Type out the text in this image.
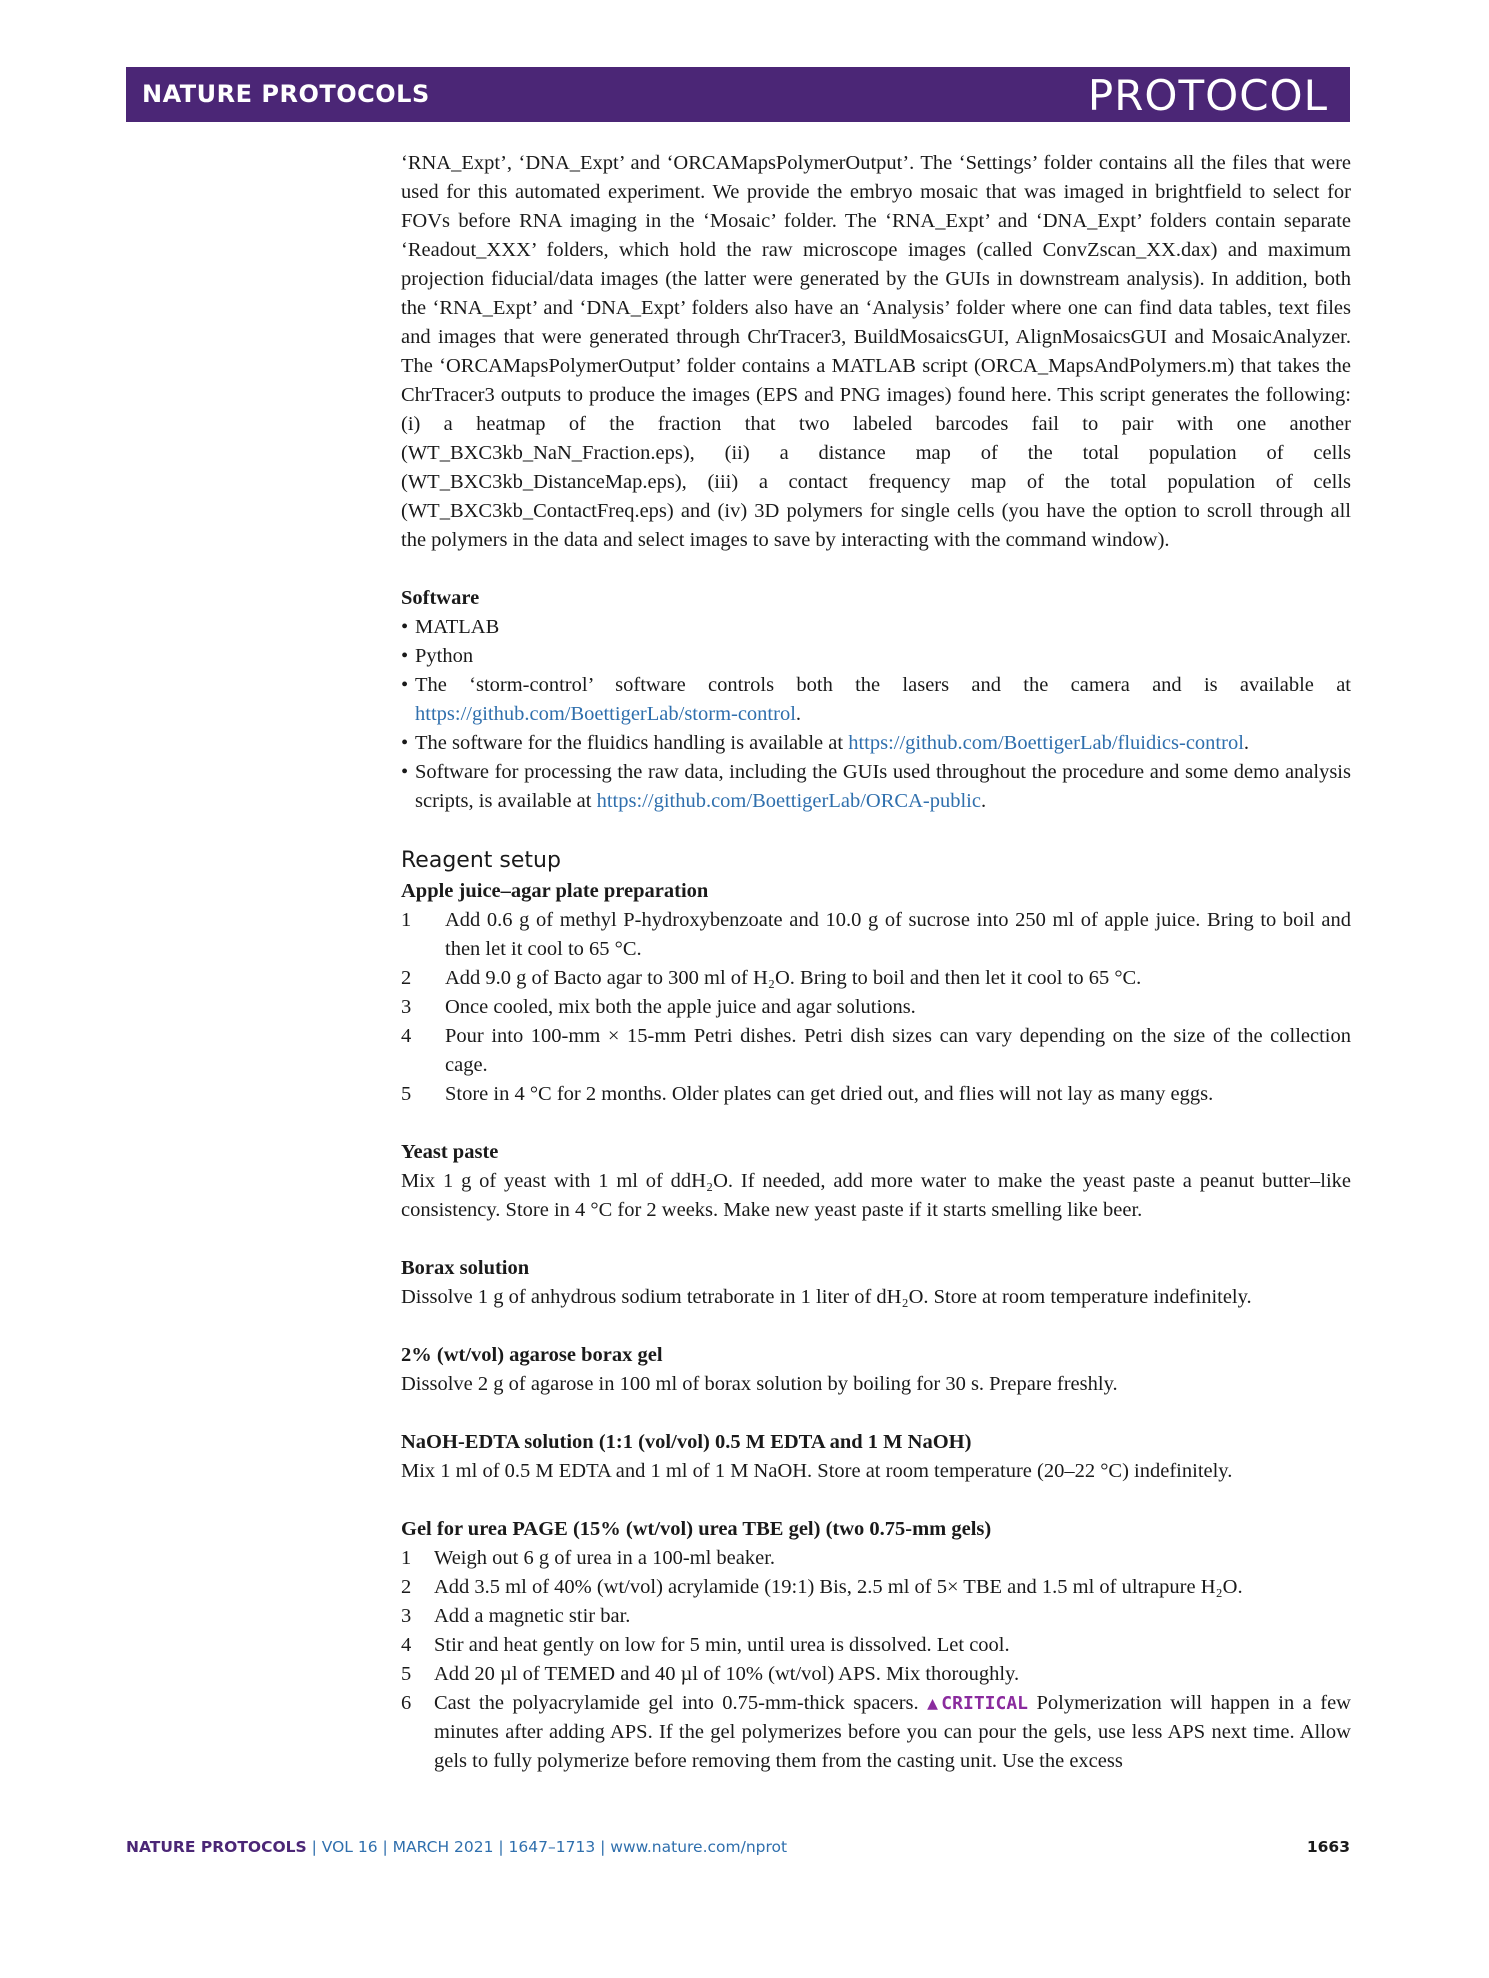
NATURE PROTOCOLS	PROTOCOL

‘RNA_Expt’, ‘DNA_Expt’ and ‘ORCAMapsPolymerOutput’. The ‘Settings’ folder contains all the files that were used for this automated experiment. We provide the embryo mosaic that was imaged in brightfield to select for FOVs before RNA imaging in the ‘Mosaic’ folder. The ‘RNA_Expt’ and ‘DNA_Expt’ folders contain separate ‘Readout_XXX’ folders, which hold the raw microscope images (called ConvZscan_XX.dax) and maximum projection fiducial/data images (the latter were generated by the GUIs in downstream analysis). In addition, both the ‘RNA_Expt’ and ‘DNA_Expt’ folders also have an ‘Analysis’ folder where one can find data tables, text files and images that were generated through ChrTracer3, BuildMosaicsGUI, AlignMosaicsGUI and MosaicAnalyzer. The ‘ORCAMapsPolymerOutput’ folder contains a MATLAB script (ORCA_MapsAndPolymers.m) that takes the ChrTracer3 outputs to produce the images (EPS and PNG images) found here. This script generates the following: (i) a heatmap of the fraction that two labeled barcodes fail to pair with one another (WT_BXC3kb_NaN_Fraction.eps), (ii) a distance map of the total population of cells (WT_BXC3kb_DistanceMap.eps), (iii) a contact frequency map of the total population of cells (WT_BXC3kb_ContactFreq.eps) and (iv) 3D polymers for single cells (you have the option to scroll through all the polymers in the data and select images to save by interacting with the command window).

Software
• MATLAB
• Python
• The ‘storm-control’ software controls both the lasers and the camera and is available at https://github.com/BoettigerLab/storm-control.
• The software for the fluidics handling is available at https://github.com/BoettigerLab/fluidics-control.
• Software for processing the raw data, including the GUIs used throughout the procedure and some demo analysis scripts, is available at https://github.com/BoettigerLab/ORCA-public.
Reagent setup
Apple juice–agar plate preparation
1 Add 0.6 g of methyl P-hydroxybenzoate and 10.0 g of sucrose into 250 ml of apple juice. Bring to boil and then let it cool to 65 °C.
2 Add 9.0 g of Bacto agar to 300 ml of H₂O. Bring to boil and then let it cool to 65 °C.
3 Once cooled, mix both the apple juice and agar solutions.
4 Pour into 100-mm × 15-mm Petri dishes. Petri dish sizes can vary depending on the size of the collection cage.
5 Store in 4 °C for 2 months. Older plates can get dried out, and flies will not lay as many eggs.
Yeast paste

Mix 1 g of yeast with 1 ml of ddH₂O. If needed, add more water to make the yeast paste a peanut butter–like consistency. Store in 4 °C for 2 weeks. Make new yeast paste if it starts smelling like beer.

Borax solution

Dissolve 1 g of anhydrous sodium tetraborate in 1 liter of dH₂O. Store at room temperature indefinitely.

2% (wt/vol) agarose borax gel

Dissolve 2 g of agarose in 100 ml of borax solution by boiling for 30 s. Prepare freshly.

NaOH-EDTA solution (1:1 (vol/vol) 0.5 M EDTA and 1 M NaOH)

Mix 1 ml of 0.5 M EDTA and 1 ml of 1 M NaOH. Store at room temperature (20–22 °C) indefinitely.

Gel for urea PAGE (15% (wt/vol) urea TBE gel) (two 0.75-mm gels)
1 Weigh out 6 g of urea in a 100-ml beaker.
2 Add 3.5 ml of 40% (wt/vol) acrylamide (19:1) Bis, 2.5 ml of 5× TBE and 1.5 ml of ultrapure H₂O.
3 Add a magnetic stir bar.
4 Stir and heat gently on low for 5 min, until urea is dissolved. Let cool.
5 Add 20 µl of TEMED and 40 µl of 10% (wt/vol) APS. Mix thoroughly.
6 Cast the polyacrylamide gel into 0.75-mm-thick spacers. ▲CRITICAL Polymerization will happen in a few minutes after adding APS. If the gel polymerizes before you can pour the gels, use less APS next time. Allow gels to fully polymerize before removing them from the casting unit. Use the excess
NATURE PROTOCOLS | VOL 16 | MARCH 2021 | 1647–1713 | www.nature.com/nprot	1663
